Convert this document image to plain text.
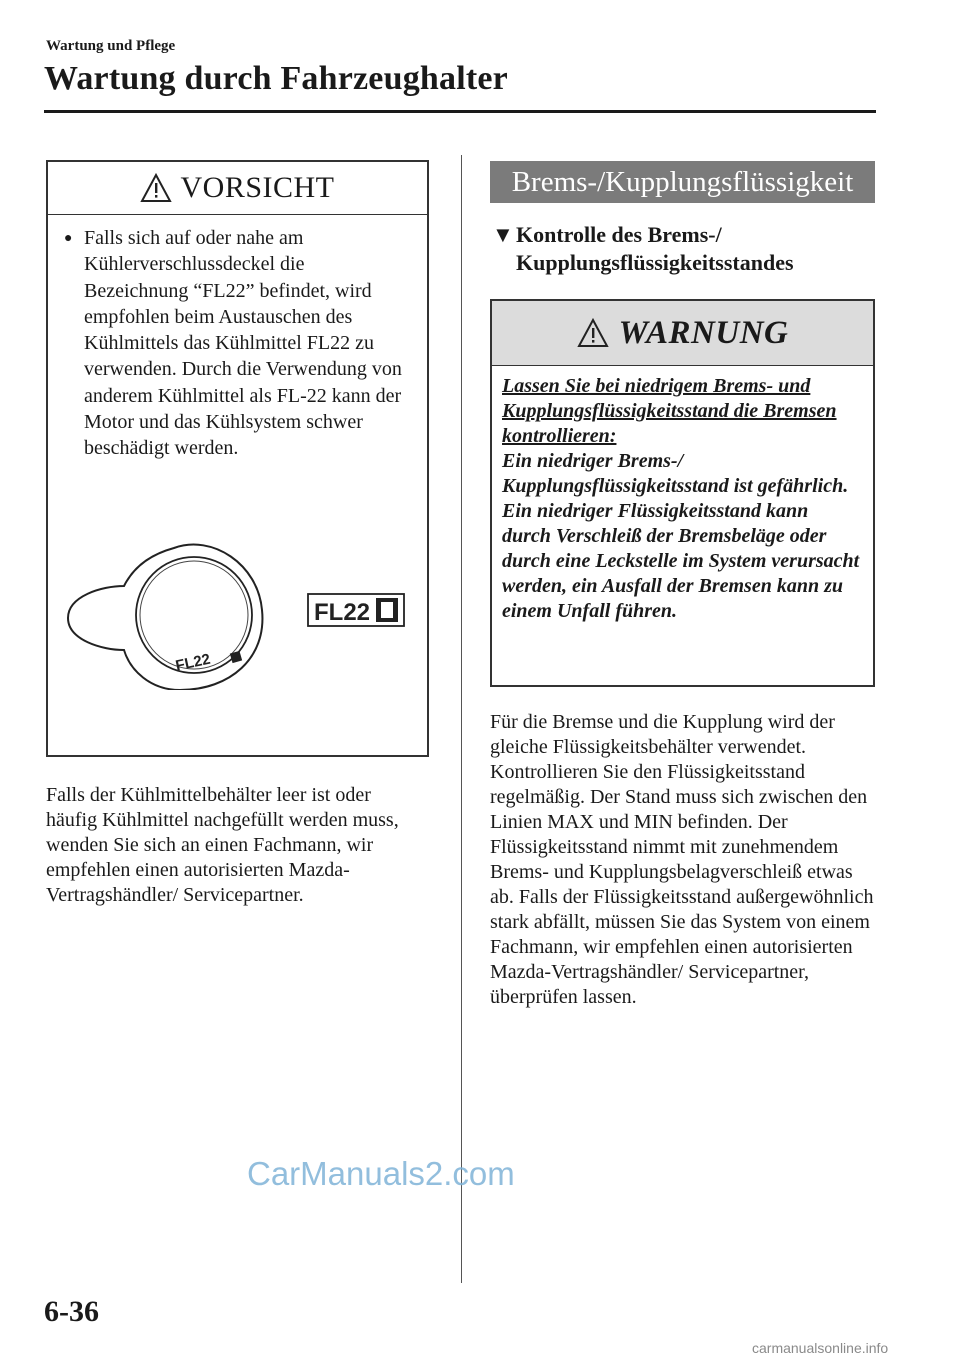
Wartung und Pflege
Wartung durch Fahrzeughalter
VORSICHT
● Falls sich auf oder nahe am Kühlerverschlussdeckel die Bezeichnung “FL22” befindet, wird empfohlen beim Austauschen des Kühlmittels das Kühlmittel FL22 zu verwenden. Durch die Verwendung von anderem Kühlmittel als FL-22 kann der Motor und das Kühlsystem schwer beschädigt werden.
FL22
FL22
Falls der Kühlmittelbehälter leer ist oder häufig Kühlmittel nachgefüllt werden muss, wenden Sie sich an einen Fachmann, wir empfehlen einen autorisierten Mazda-Vertragshändler/ Servicepartner.
Brems-/Kupplungsflüssigkeit
▼ Kontrolle des Brems-/ Kupplungsflüssigkeitsstandes
WARNUNG
Lassen Sie bei niedrigem Brems- und Kupplungsflüssigkeitsstand die Bremsen kontrollieren:
Ein niedriger Brems-/ Kupplungsflüssigkeitsstand ist gefährlich. Ein niedriger Flüssigkeitsstand kann durch Verschleiß der Bremsbeläge oder durch eine Leckstelle im System verursacht werden, ein Ausfall der Bremsen kann zu einem Unfall führen.
Für die Bremse und die Kupplung wird der gleiche Flüssigkeitsbehälter verwendet. Kontrollieren Sie den Flüssigkeitsstand regelmäßig. Der Stand muss sich zwischen den Linien MAX und MIN befinden. Der Flüssigkeitsstand nimmt mit zunehmendem Brems- und Kupplungsbelagverschleiß etwas ab. Falls der Flüssigkeitsstand außergewöhnlich stark abfällt, müssen Sie das System von einem Fachmann, wir empfehlen einen autorisierten Mazda-Vertragshändler/ Servicepartner, überprüfen lassen.
CarManuals2.com
carmanualsonline.info
6-36
